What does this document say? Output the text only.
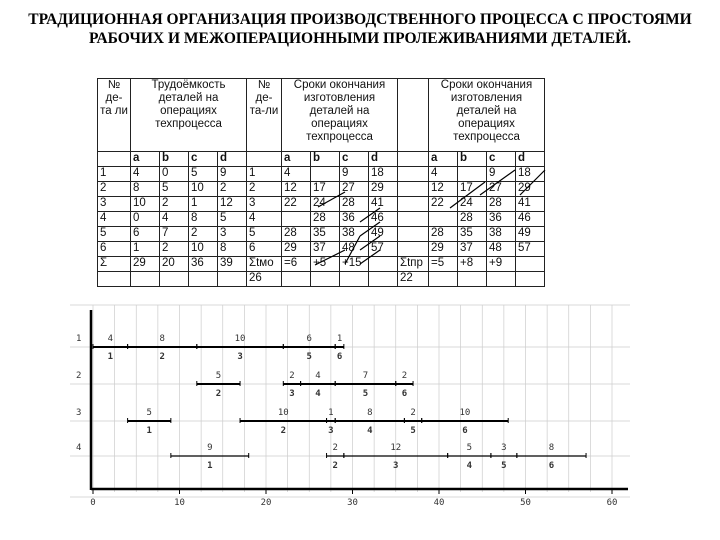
ТРАДИЦИОННАЯ ОРГАНИЗАЦИЯ ПРОИЗВОДСТВЕННОГО ПРОЦЕССА С ПРОСТОЯМИ РАБОЧИХ И МЕЖОПЕРАЦИОННЫМИ ПРОЛЕЖИВАНИЯМИ ДЕТАЛЕЙ.
№ де-та ли	Трудоёмкость деталей на операциях техпроцесса				№ де-та-ли	Сроки окончания изготовления деталей на операциях техпроцесса					Сроки окончания изготовления деталей на операциях техпроцесса			
	a	b	c	d		a	b	c	d		a	b	c	d
1	4	0	5	9	1	4		9	18		4		9	18
2	8	5	10	2	2	12	17	27	29		12	17	27	29
3	10	2	1	12	3	22	24	28	41		22	24	28	41
4	0	4	8	5	4		28	36	46			28	36	46
5	6	7	2	3	5	28	35	38	49		28	35	38	49
6	1	2	10	8	6	29	37	48	57		29	37	48	57
Σ	29	20	36	39	Σtмо	=6	+5	+15		Σtпр	=5	+8	+9	
					26					22				
0	10	20	30	40	50	60
1	4
1
8
2
10
3
6
5
1
6
2	5
2
2
3
4
4
7
5
2
6
3	5
1
10
2
1
3
8
4
2
5
10
6
4	9
1
2
2
12
3
5
4
3
5
8
6
